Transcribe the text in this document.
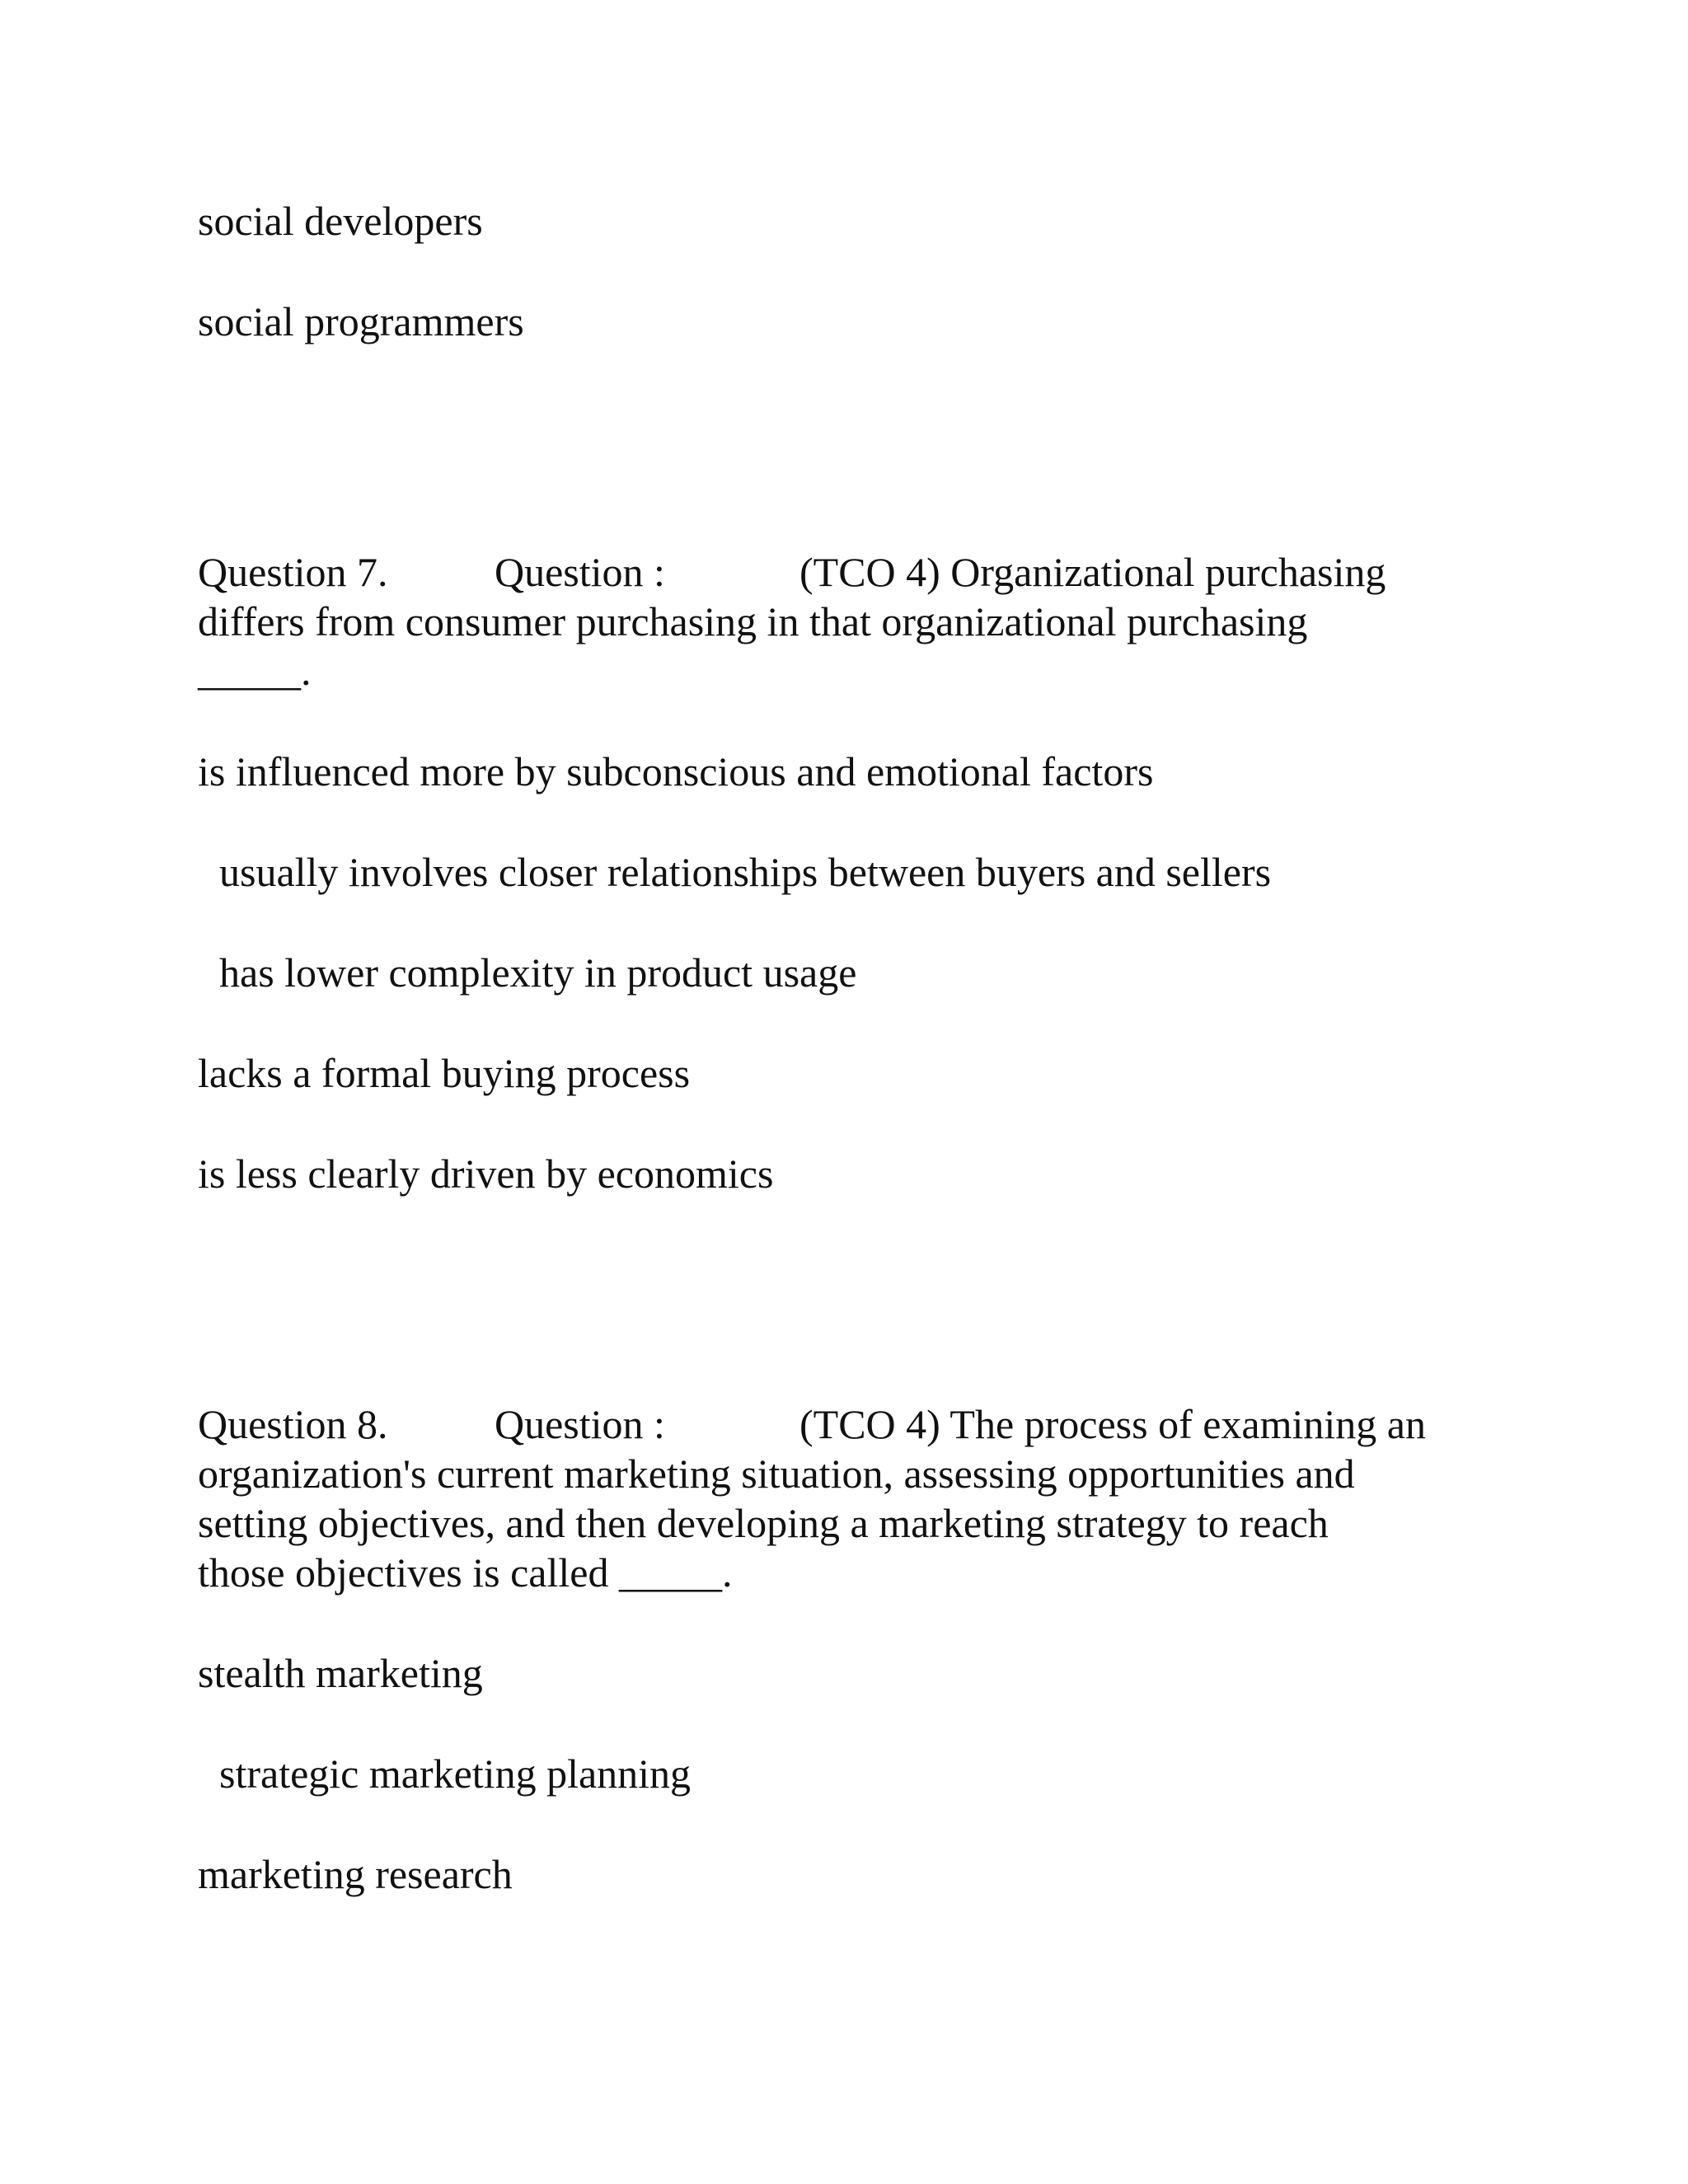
social developers
social programmers
Question 7.	Question :	(TCO 4) Organizational purchasing
differs from consumer purchasing in that organizational purchasing
_____.
is influenced more by subconscious and emotional factors
usually involves closer relationships between buyers and sellers
has lower complexity in product usage
lacks a formal buying process
is less clearly driven by economics
Question 8.	Question :	(TCO 4) The process of examining an
organization's current marketing situation, assessing opportunities and
setting objectives, and then developing a marketing strategy to reach
those objectives is called _____.
stealth marketing
strategic marketing planning
marketing research
